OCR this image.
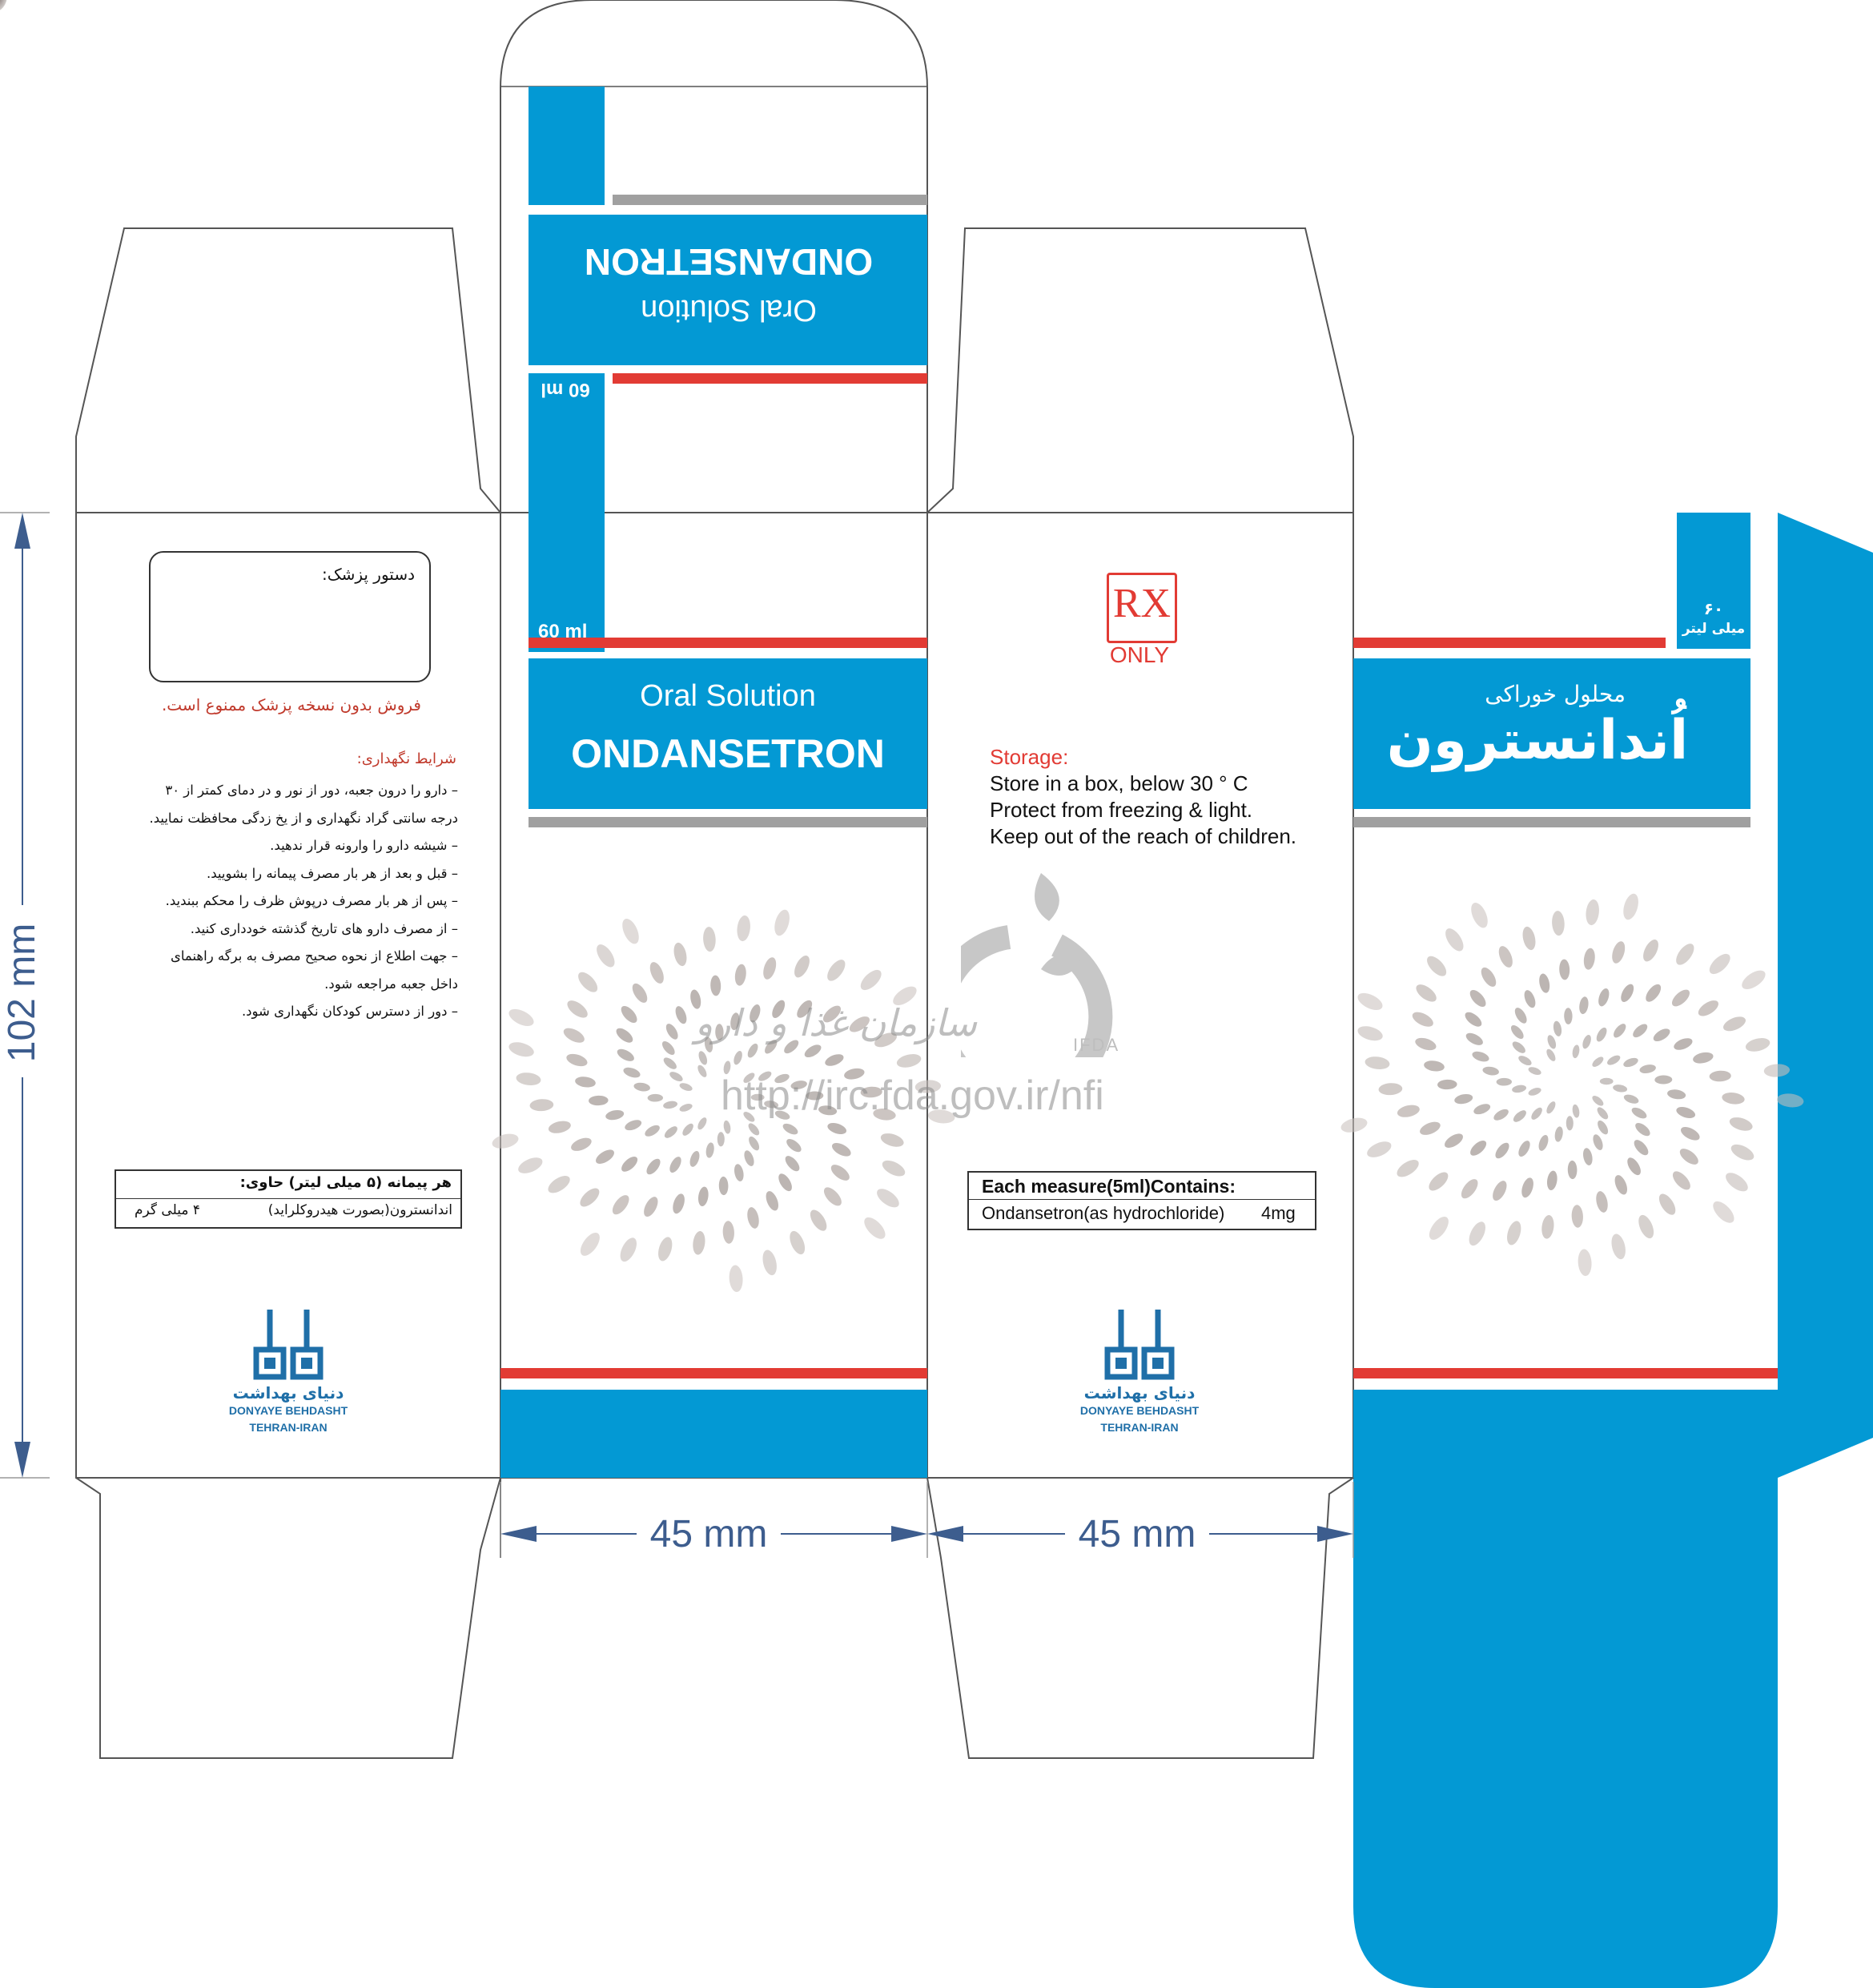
ONDANSETRON
Oral Solution
60 ml
60 ml
Oral Solution
ONDANSETRON
۶۰
میلی لیتر
محلول خوراکی
اُندانسترون
RX
ONLY
Storage:
Store in a box, below 30 ° C
Protect from freezing & light.
Keep out of the reach of children.
Each measure(5ml)Contains:
Ondansetron(as hydrochloride) 4mg
دستور پزشک:
فروش بدون نسخه پزشک ممنوع است.
شرایط نگهداری:
– دارو را درون جعبه، دور از نور و در دمای کمتر از ۳۰
درجه سانتی گراد نگهداری و از یخ زدگی محافظت نمایید.
– شیشه دارو را وارونه قرار ندهید.
– قبل و بعد از هر بار مصرف پیمانه را بشویید.
– پس از هر بار مصرف درپوش ظرف را محکم ببندید.
– از مصرف دارو های تاریخ گذشته خودداری کنید.
– جهت اطلاع از نحوه صحیح مصرف به برگه راهنمای
داخل جعبه مراجعه شود.
– دور از دسترس کودکان نگهداری شود.
هر پیمانه (۵ میلی لیتر) حاوی:
اندانسترون(بصورت هیدروکلراید)
۴ میلی گرم
دنیای بهداشت
DONYAYE BEHDASHT
TEHRAN-IRAN
دنیای بهداشت
DONYAYE BEHDASHT
TEHRAN-IRAN
IFDA
سازمان غذا و دارو
http://irc.fda.gov.ir/nfi
102 mm
45 mm	45 mm
